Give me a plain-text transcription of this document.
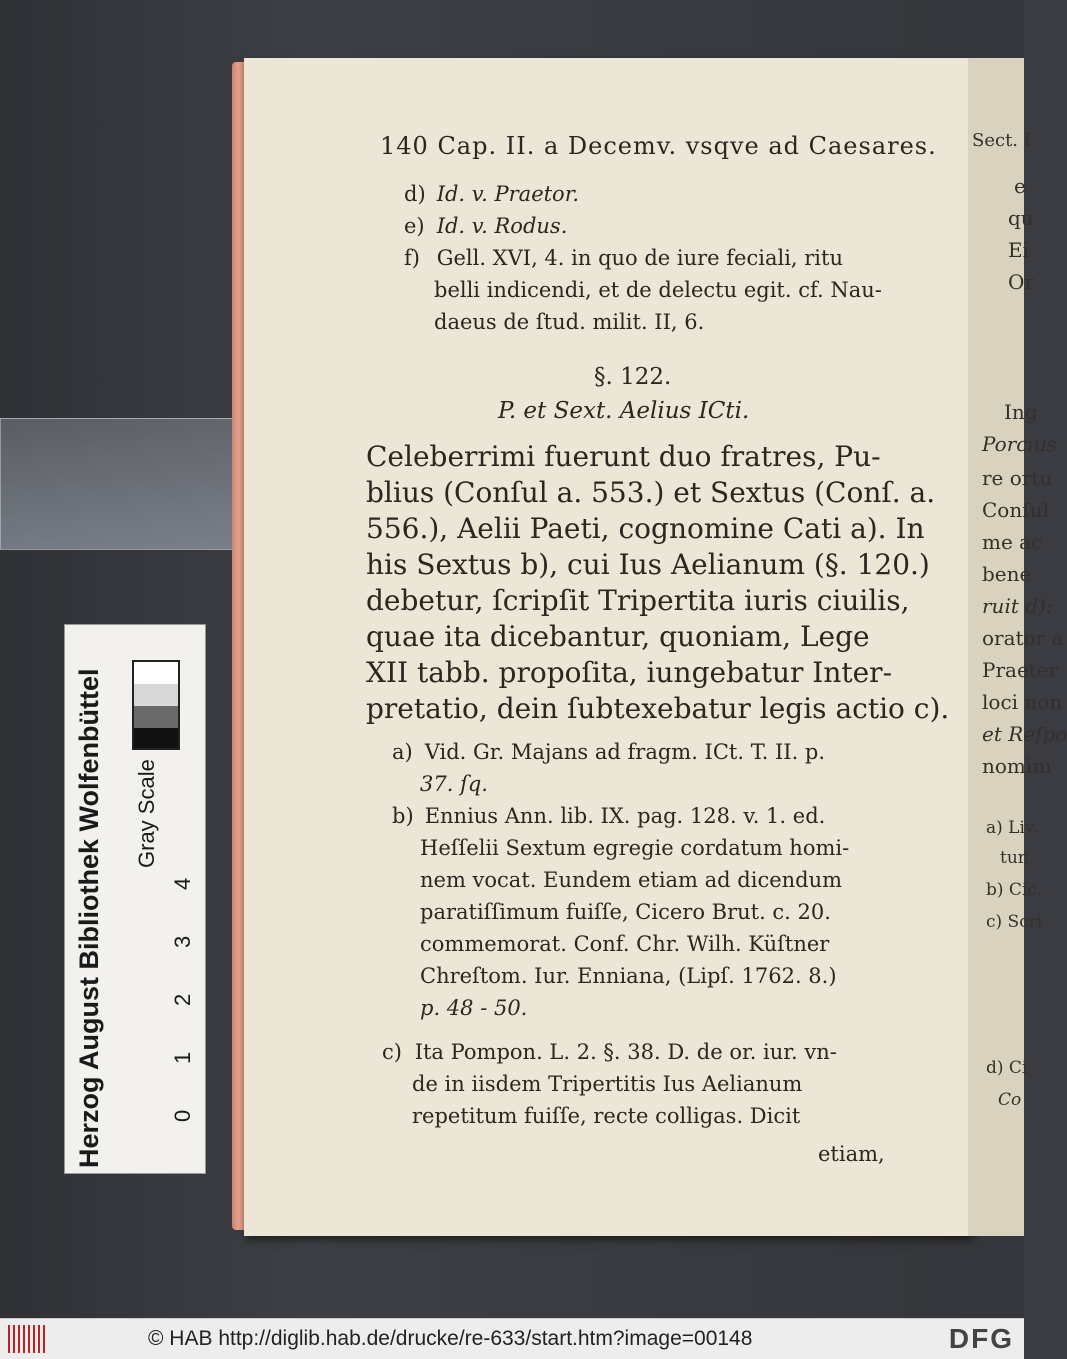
Herzog August Bibliothek Wolfenbüttel Gray Scale
4
3
2
1
0
140 Cap. II. a Decemv. vsqve ad Caesares.
d) Id. v. Praetor.
e) Id. v. Rodus.
f) Gell. XVI, 4. in quo de iure feciali, ritu
belli indicendi, et de delectu egit. cf. Nau-
daeus de ſtud. milit. II, 6.
§. 122.
P. et Sext. Aelius ICti.
Celeberrimi fuerunt duo fratres, Pu-
blius (Conſul a. 553.) et Sextus (Conſ. a.
556.), Aelii Paeti, cognomine Cati a). In
his Sextus b), cui Ius Aelianum (§. 120.)
debetur, ſcripſit Tripertita iuris ciuilis,
quae ita dicebantur, quoniam, Lege
XII tabb. propoſita, iungebatur Inter-
pretatio, dein ſubtexebatur legis actio c).
a) Vid. Gr. Majans ad fragm. ICt. T. II. p.
37. ſq.
b) Ennius Ann. lib. IX. pag. 128. v. 1. ed.
Heſſelii Sextum egregie cordatum homi-
nem vocat. Eundem etiam ad dicendum
paratiſſimum fuiſſe, Cicero Brut. c. 20.
commemorat. Conf. Chr. Wilh. Küſtner
Chreſtom. Iur. Enniana, (Lipſ. 1762. 8.)
p. 48 - 50.
c) Ita Pompon. L. 2. §. 38. D. de or. iur. vn-
de in iisdem Tripertitis Ius Aelianum
repetitum fuiſſe, recte colligas. Dicit
etiam,
Sect. I
e
qu
Ei
Or
Ing
Porcius
re ortu
Conſul
me ac
bene
ruit d):
orator a
Praeter
loci non
et Reſpo
nomini
a) Liv.
tur,
b) Cic.
c) Scri
d) Ci
Co
© HAB http://diglib.hab.de/drucke/re-633/start.htm?image=00148	DFG
